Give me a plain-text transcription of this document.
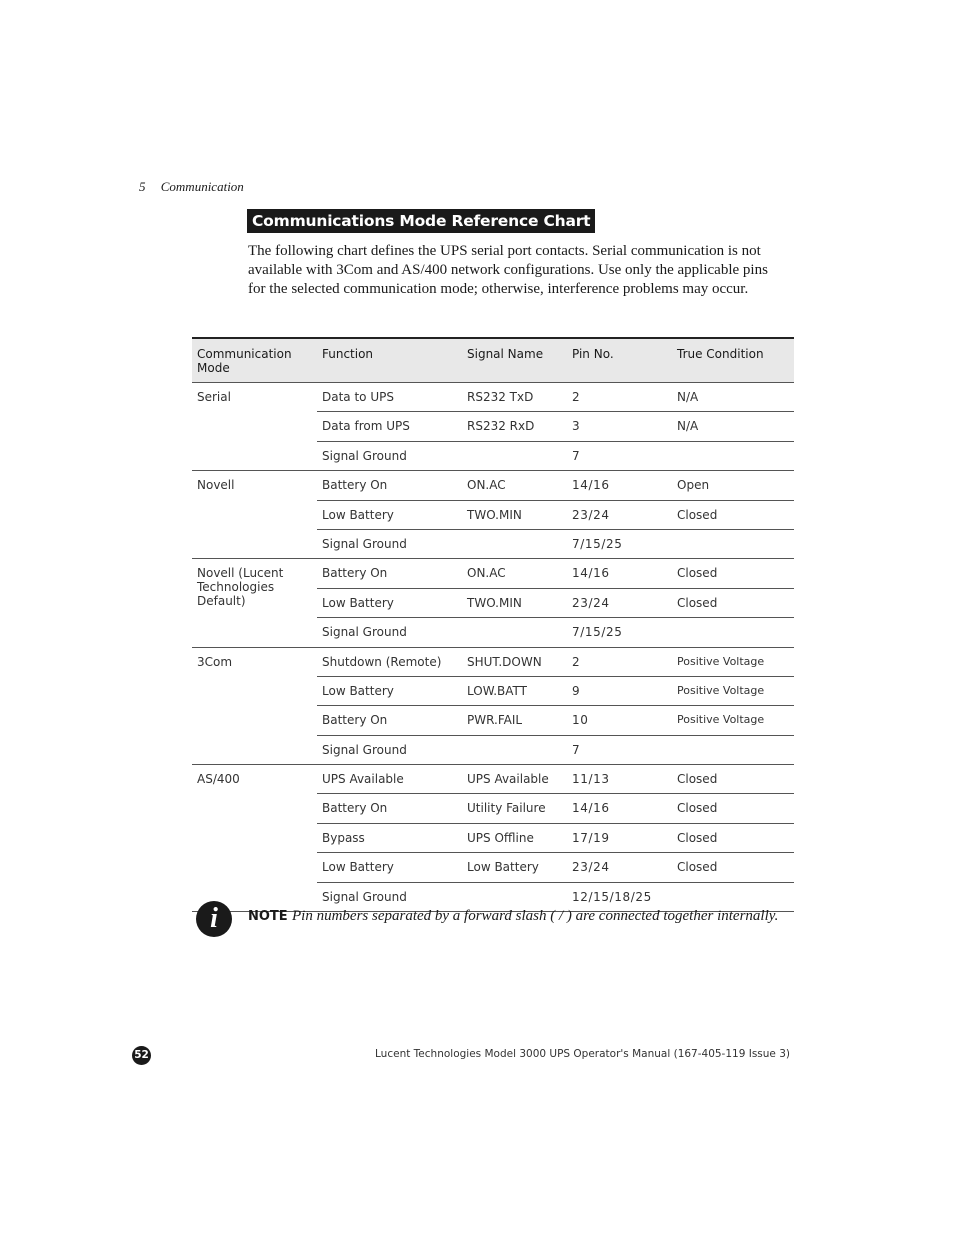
5 Communication
Communications Mode Reference Chart

The following chart defines the UPS serial port contacts. Serial communication is not available with 3Com and AS/400 network configurations. Use only the applicable pins for the selected communication mode; otherwise, interference problems may occur.

Communication Mode	Function	Signal Name	Pin No.	True Condition
Serial	Data to UPS	RS232 TxD	2	N/A
	Data from UPS	RS232 RxD	3	N/A
	Signal Ground		7	
Novell	Battery On	ON.AC	14/16	Open
	Low Battery	TWO.MIN	23/24	Closed
	Signal Ground		7/15/25	
Novell (Lucent Technologies Default)	Battery On	ON.AC	14/16	Closed
	Low Battery	TWO.MIN	23/24	Closed
	Signal Ground		7/15/25	
3Com	Shutdown (Remote)	SHUT.DOWN	2	Positive Voltage
	Low Battery	LOW.BATT	9	Positive Voltage
	Battery On	PWR.FAIL	10	Positive Voltage
	Signal Ground		7	
AS/400	UPS Available	UPS Available	11/13	Closed
	Battery On	Utility Failure	14/16	Closed
	Bypass	UPS Offline	17/19	Closed
	Low Battery	Low Battery	23/24	Closed
	Signal Ground		12/15/18/25	
i	NOTE Pin numbers separated by a forward slash ( / ) are connected together internally.
52	Lucent Technologies Model 3000 UPS Operator's Manual (167-405-119 Issue 3)
